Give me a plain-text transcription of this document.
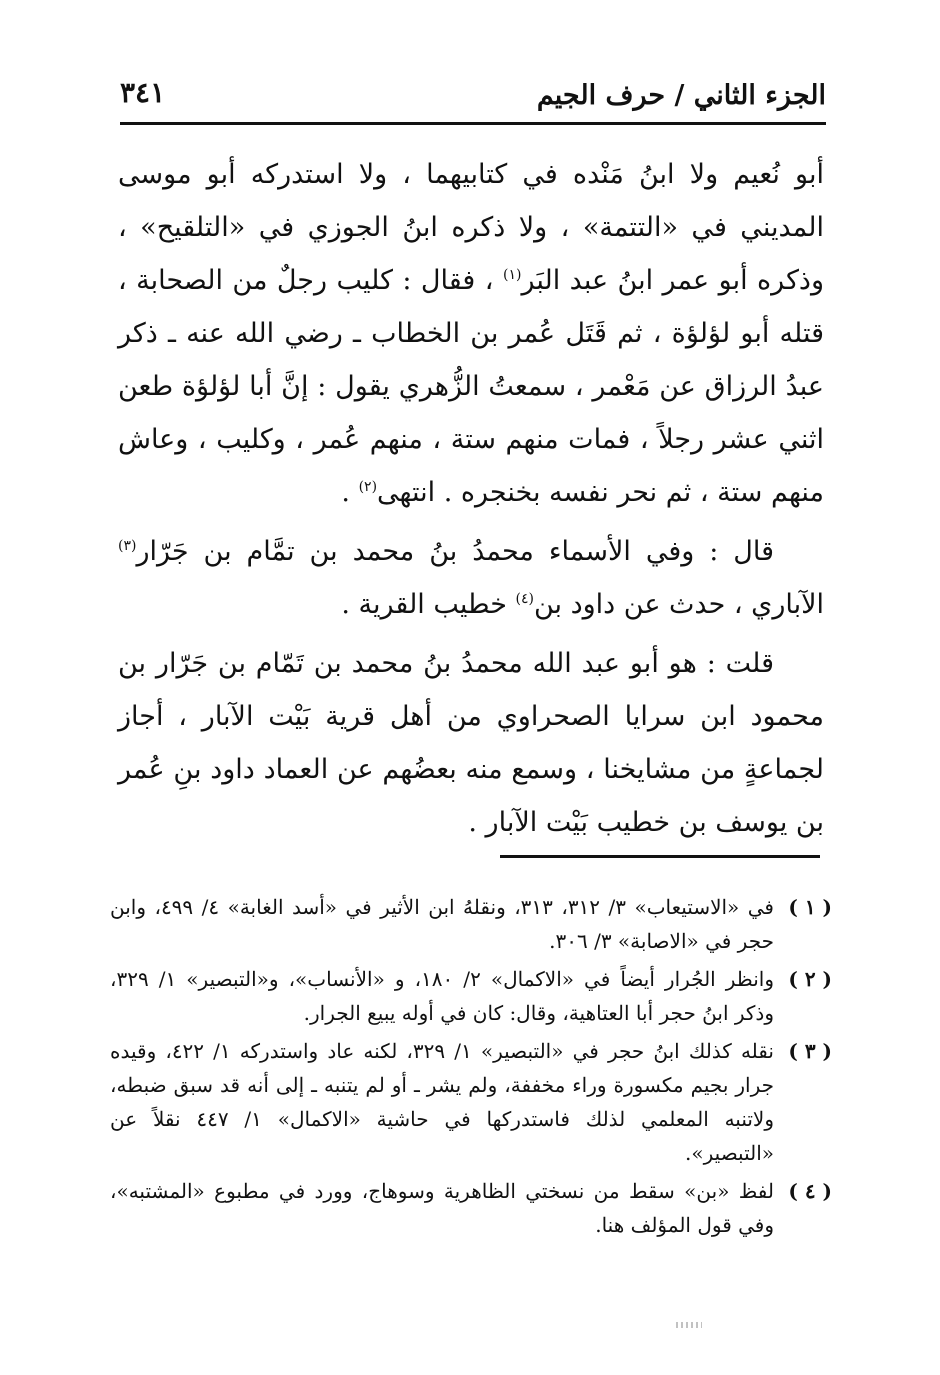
الجزء الثاني / حرف الجيم
٣٤١

أبو نُعيم ولا ابنُ مَنْده في كتابيهما ، ولا استدركه أبو موسى المديني في «التتمة» ، ولا ذكره ابنُ الجوزي في «التلقيح» ، وذكره أبو عمر ابنُ عبد البَر$^{(١)}$ ، فقال : كليب رجلٌ من الصحابة ، قتله أبو لؤلؤة ، ثم قَتَل عُمر بن الخطاب ـ رضي الله عنه ـ ذكر عبدُ الرزاق عن مَعْمر ، سمعتُ الزُّهري يقول : إنَّ أبا لؤلؤة طعن اثني عشر رجلاً ، فمات منهم ستة ، منهم عُمر ، وكليب ، وعاش منهم ستة ، ثم نحر نفسه بخنجره . انتهى$^{(٢)}$ .

قال : وفي الأسماء محمدُ بنُ محمد بن تمَّام بن جَرّار$^{(٣)}$ الآباري ، حدث عن داود بن$^{(٤)}$ خطيب القرية .

قلت : هو أبو عبد الله محمدُ بنُ محمد بن تَمّام بن جَرّار بن محمود ابن سرايا الصحراوي من أهل قرية بَيْت الآبار ، أجاز لجماعةٍ من مشايخنا ، وسمع منه بعضُهم عن العماد داود بنِ عُمر بن يوسف بن خطيب بَيْت الآبار .

( ١ )
في «الاستيعاب» ٣/ ٣١٢، ٣١٣، ونقلهُ ابن الأثير في «أسد الغابة» ٤/ ٤٩٩، وابن حجر في «الاصابة» ٣/ ٣٠٦.
( ٢ )
وانظر الجُرار أيضاً في «الاكمال» ٢/ ١٨٠، و «الأنساب»، و«التبصير» ١/ ٣٢٩، وذكر ابنُ حجر أبا العتاهية، وقال: كان في أوله يبيع الجرار.
( ٣ )
نقله كذلك ابنُ حجر في «التبصير» ١/ ٣٢٩، لكنه عاد واستدركه ١/ ٤٢٢، وقيده جرار بجيم مكسورة وراء مخففة، ولم يشر ـ أو لم يتنبه ـ إلى أنه قد سبق ضبطه، ولاتنبه المعلمي لذلك فاستدركها في حاشية «الاكمال» ١/ ٤٤٧ نقلاً عن «التبصير».
( ٤ )
لفظ «بن» سقط من نسختي الظاهرية وسوهاج، وورد في مطبوع «المشتبه»، وفي قول المؤلف هنا.
